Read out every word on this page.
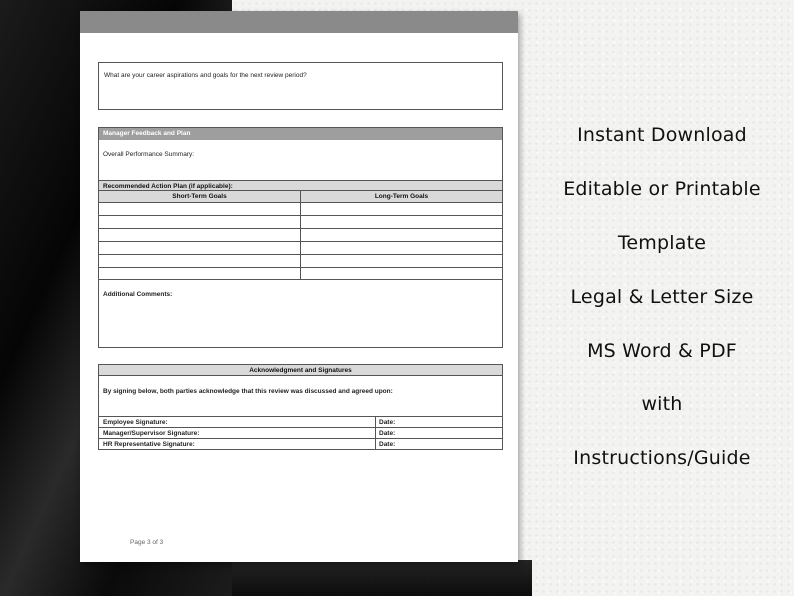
What are your career aspirations and goals for the next review period?
Manager Feedback and Plan
Overall Performance Summary:
Recommended Action Plan (if applicable):
Short-Term Goals	Long-Term Goals
Additional Comments:
Acknowledgment and Signatures
By signing below, both parties acknowledge that this review was discussed and agreed upon:
Employee Signature:	Date:
Manager/Supervisor Signature:	Date:
HR Representative Signature:	Date:
Page 3 of 3
Instant Download
Editable or Printable
Template
Legal & Letter Size
MS Word & PDF
with
Instructions/Guide
